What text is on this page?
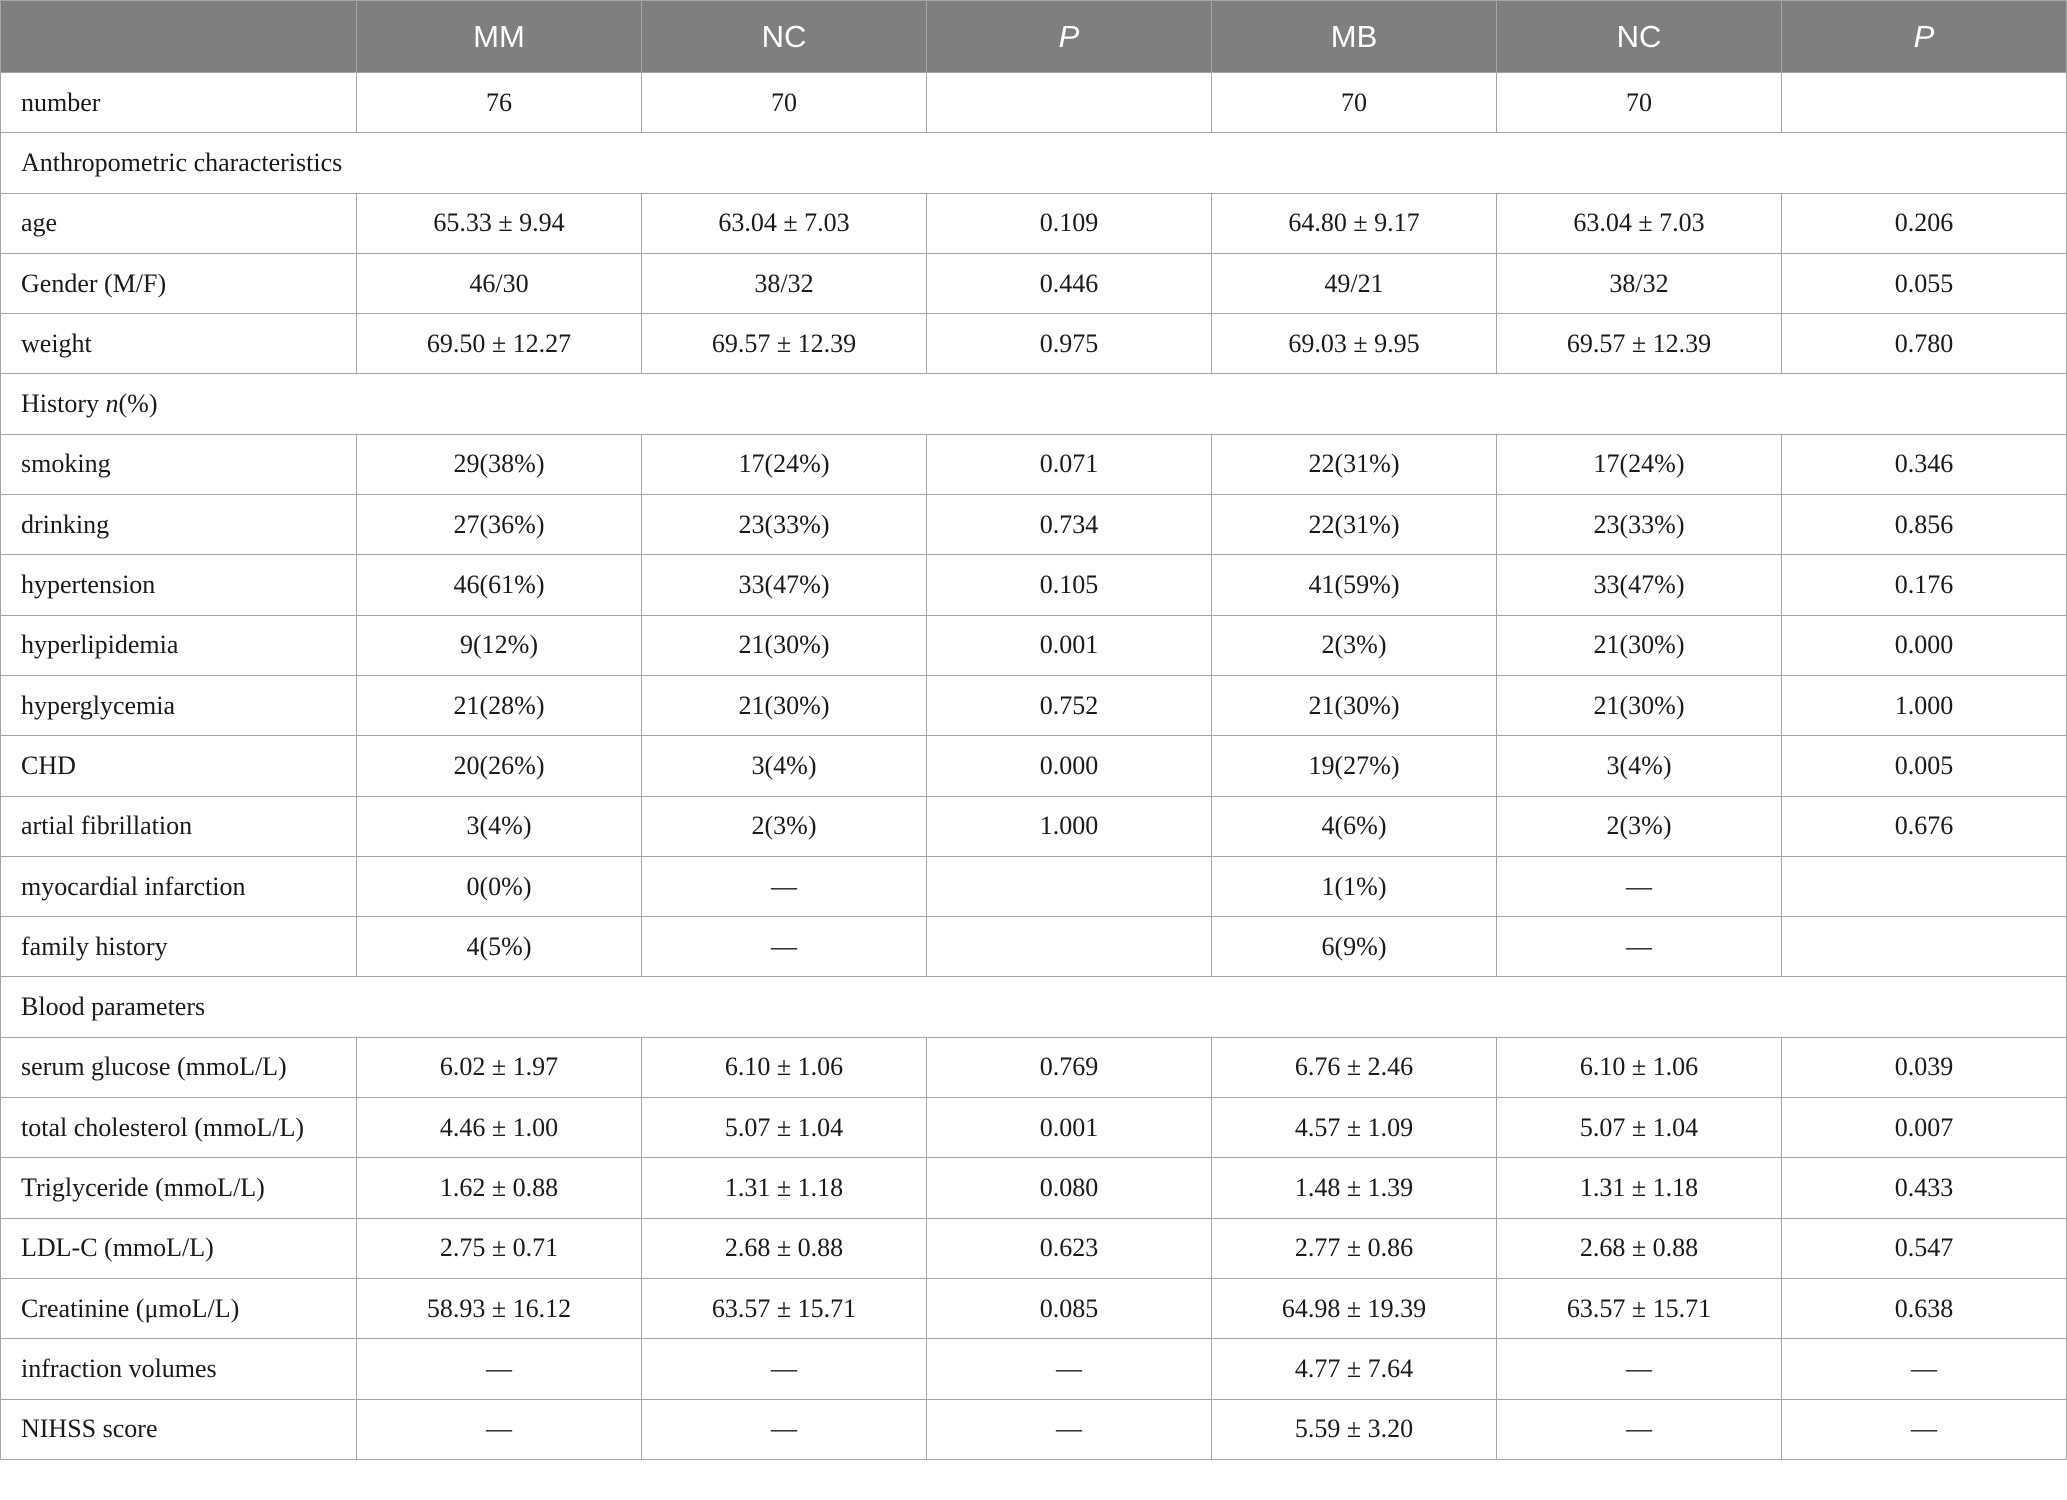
	MM	NC	P	MB	NC	P
number	76	70		70	70	
Anthropometric characteristics						
age	65.33 ± 9.94	63.04 ± 7.03	0.109	64.80 ± 9.17	63.04 ± 7.03	0.206
Gender (M/F)	46/30	38/32	0.446	49/21	38/32	0.055
weight	69.50 ± 12.27	69.57 ± 12.39	0.975	69.03 ± 9.95	69.57 ± 12.39	0.780
History n(%)						
smoking	29(38%)	17(24%)	0.071	22(31%)	17(24%)	0.346
drinking	27(36%)	23(33%)	0.734	22(31%)	23(33%)	0.856
hypertension	46(61%)	33(47%)	0.105	41(59%)	33(47%)	0.176
hyperlipidemia	9(12%)	21(30%)	0.001	2(3%)	21(30%)	0.000
hyperglycemia	21(28%)	21(30%)	0.752	21(30%)	21(30%)	1.000
CHD	20(26%)	3(4%)	0.000	19(27%)	3(4%)	0.005
artial fibrillation	3(4%)	2(3%)	1.000	4(6%)	2(3%)	0.676
myocardial infarction	0(0%)	—		1(1%)	—	
family history	4(5%)	—		6(9%)	—	
Blood parameters						
serum glucose (mmoL/L)	6.02 ± 1.97	6.10 ± 1.06	0.769	6.76 ± 2.46	6.10 ± 1.06	0.039
total cholesterol (mmoL/L)	4.46 ± 1.00	5.07 ± 1.04	0.001	4.57 ± 1.09	5.07 ± 1.04	0.007
Triglyceride (mmoL/L)	1.62 ± 0.88	1.31 ± 1.18	0.080	1.48 ± 1.39	1.31 ± 1.18	0.433
LDL-C (mmoL/L)	2.75 ± 0.71	2.68 ± 0.88	0.623	2.77 ± 0.86	2.68 ± 0.88	0.547
Creatinine (μmoL/L)	58.93 ± 16.12	63.57 ± 15.71	0.085	64.98 ± 19.39	63.57 ± 15.71	0.638
infraction volumes	—	—	—	4.77 ± 7.64	—	—
NIHSS score	—	—	—	5.59 ± 3.20	—	—
